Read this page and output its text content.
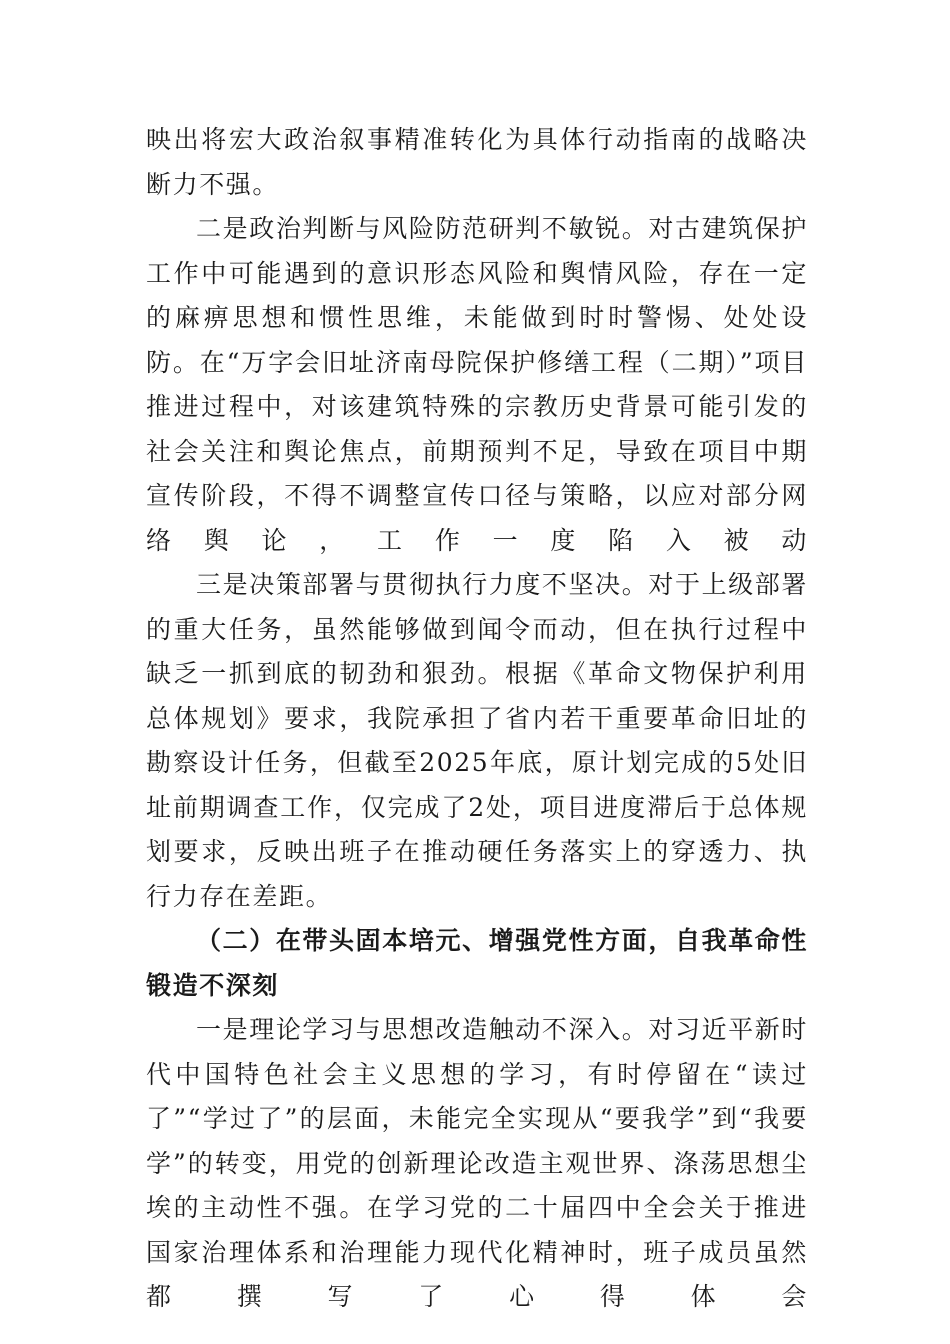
映出将宏大政治叙事精准转化为具体行动指南的战略决断力不强。

二是政治判断与风险防范研判不敏锐。对古建筑保护工作中可能遇到的意识形态风险和舆情风险，存在一定的麻痹思想和惯性思维，未能做到时时警惕、处处设防。在“万字会旧址济南母院保护修缮工程（二期）”项目推进过程中，对该建筑特殊的宗教历史背景可能引发的社会关注和舆论焦点，前期预判不足，导致在项目中期宣传阶段，不得不调整宣传口径与策略，以应对部分网络舆论，工作一度陷入被动

三是决策部署与贯彻执行力度不坚决。对于上级部署的重大任务，虽然能够做到闻令而动，但在执行过程中缺乏一抓到底的韧劲和狠劲。根据《革命文物保护利用总体规划》要求，我院承担了省内若干重要革命旧址的勘察设计任务，但截至2025年底，原计划完成的5处旧址前期调查工作，仅完成了2处，项目进度滞后于总体规划要求，反映出班子在推动硬任务落实上的穿透力、执行力存在差距。

（二）在带头固本培元、增强党性方面，自我革命性锻造不深刻

一是理论学习与思想改造触动不深入。对习近平新时代中国特色社会主义思想的学习，有时停留在“读过了”“学过了”的层面，未能完全实现从“要我学”到“我要学”的转变，用党的创新理论改造主观世界、涤荡思想尘埃的主动性不强。在学习党的二十届四中全会关于推进国家治理体系和治理能力现代化精神时，班子成员虽然都撰写了心得体会
